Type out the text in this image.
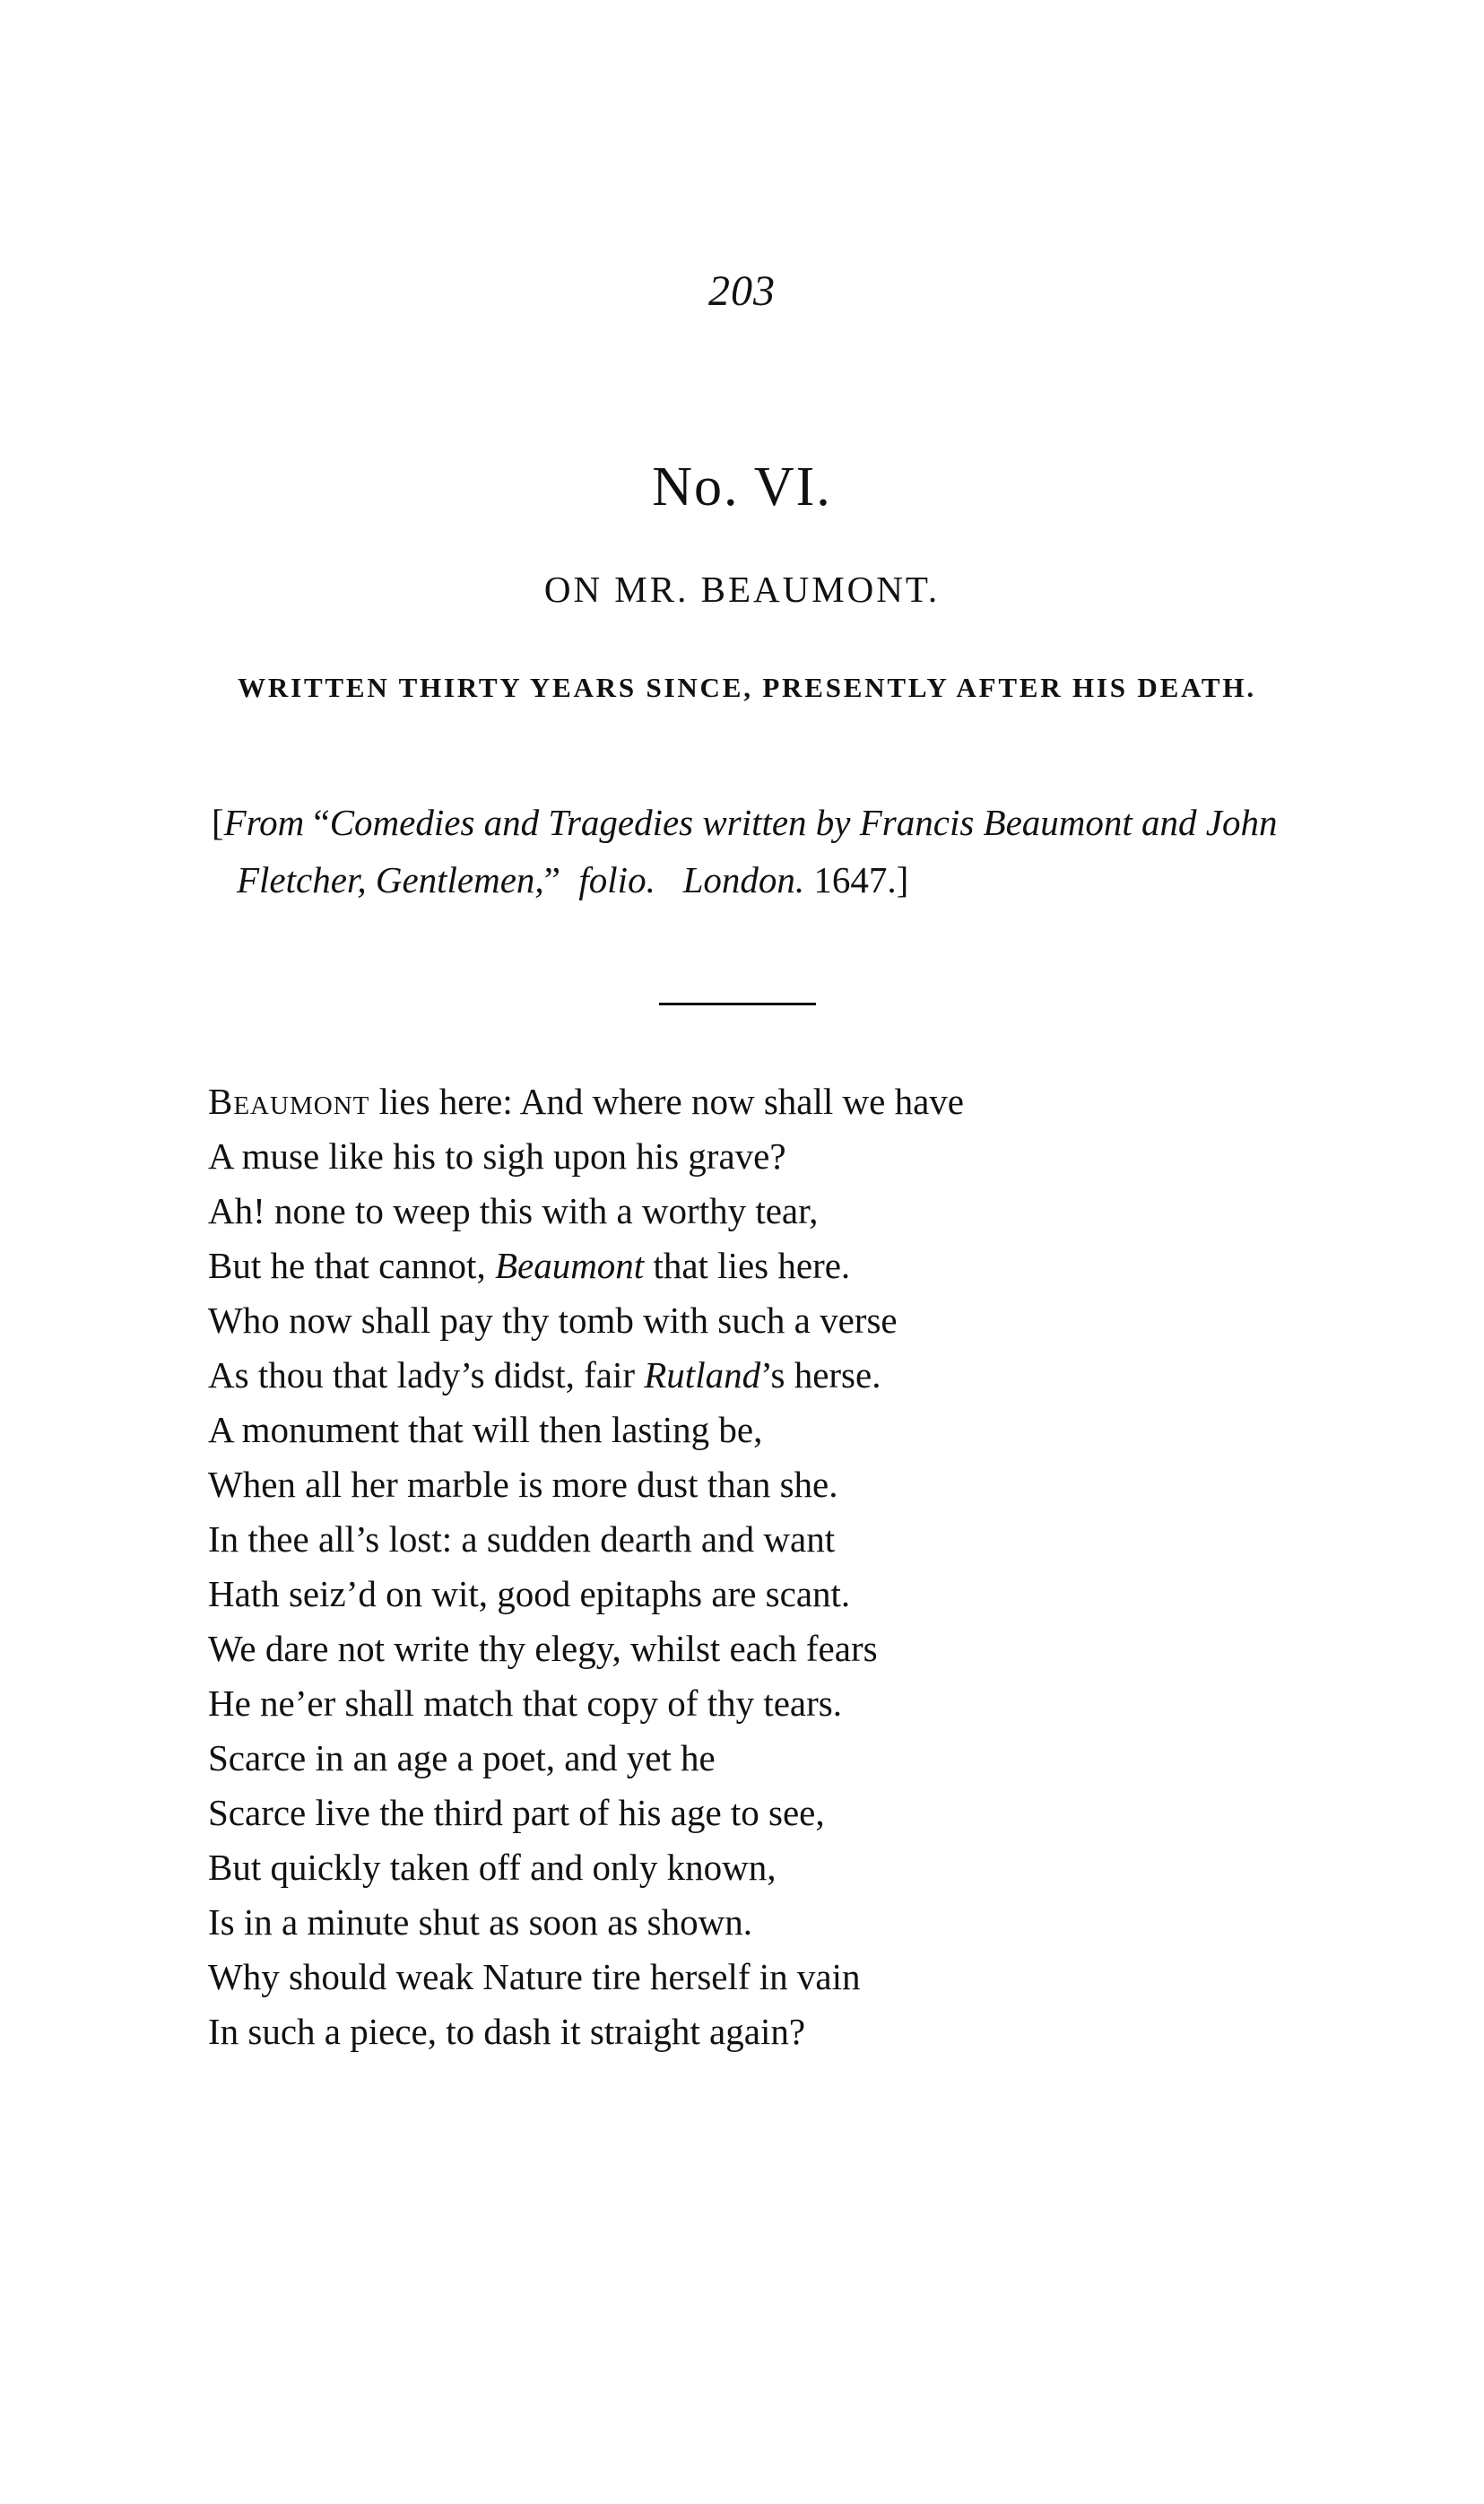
203
No. VI.
ON MR. BEAUMONT.
WRITTEN THIRTY YEARS SINCE, PRESENTLY AFTER HIS DEATH.
[From “Comedies and Tragedies written by Francis Beaumont and John Fletcher, Gentlemen,” folio. London. 1647.]
Beaumont lies here: And where now shall we have
A muse like his to sigh upon his grave?
Ah! none to weep this with a worthy tear,
But he that cannot, Beaumont that lies here.
Who now shall pay thy tomb with such a verse
As thou that lady’s didst, fair Rutland’s herse.
A monument that will then lasting be,
When all her marble is more dust than she.
In thee all’s lost: a sudden dearth and want
Hath seiz’d on wit, good epitaphs are scant.
We dare not write thy elegy, whilst each fears
He ne’er shall match that copy of thy tears.
Scarce in an age a poet, and yet he
Scarce live the third part of his age to see,
But quickly taken off and only known,
Is in a minute shut as soon as shown.
Why should weak Nature tire herself in vain
In such a piece, to dash it straight again?
